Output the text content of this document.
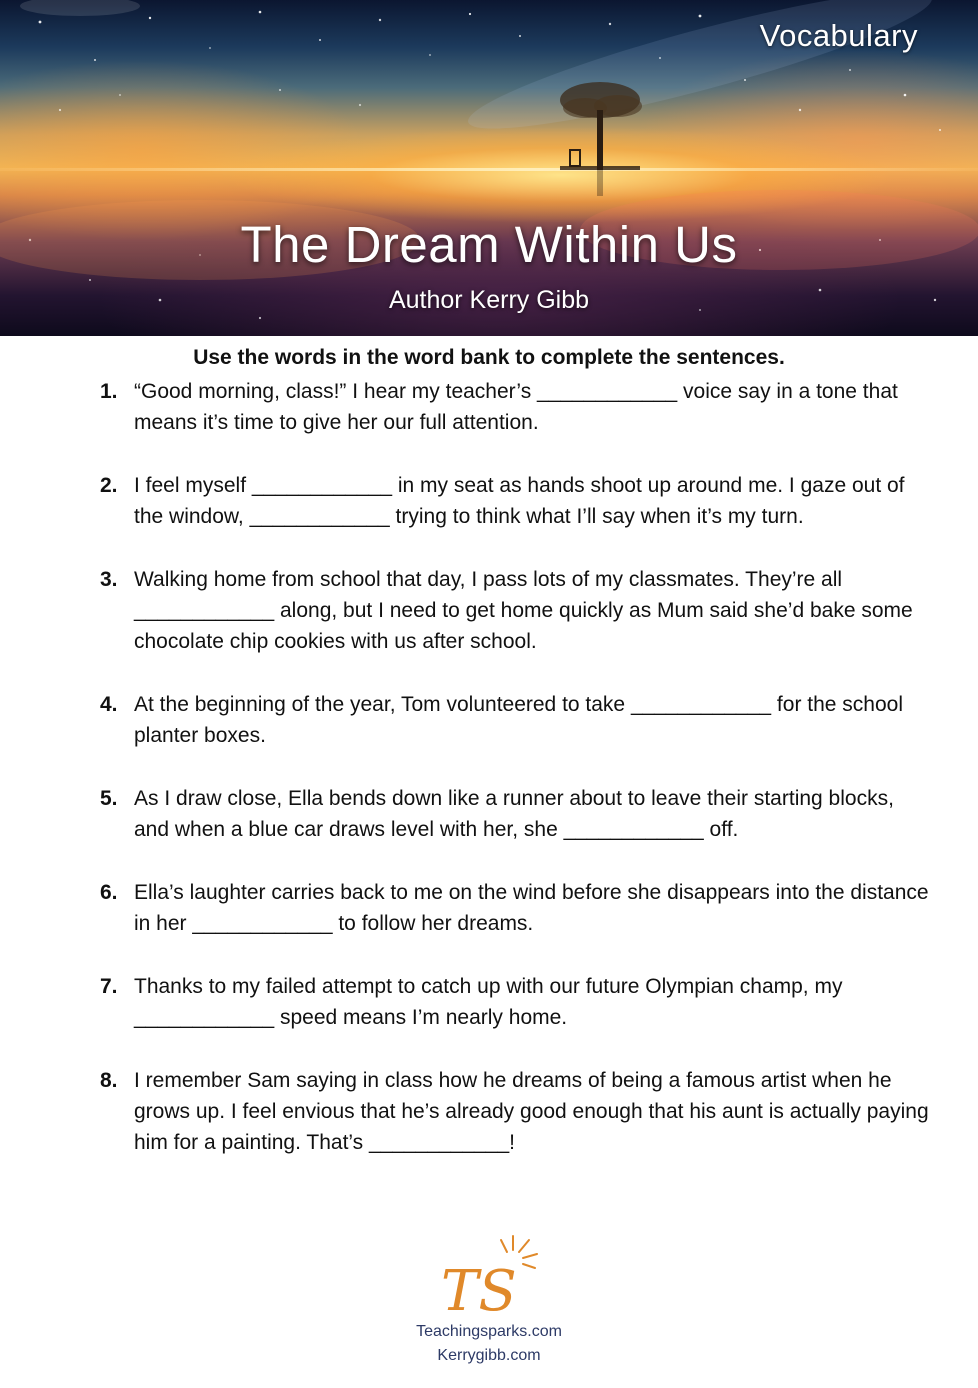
Vocabulary
The Dream Within Us
Author Kerry Gibb
Use the words in the word bank to complete the sentences.
1. “Good morning, class!” I hear my teacher’s ____________ voice say in a tone that means it’s time to give her our full attention.
2. I feel myself ____________ in my seat as hands shoot up around me. I gaze out of the window, ____________ trying to think what I’ll say when it’s my turn.
3. Walking home from school that day, I pass lots of my classmates. They’re all ____________ along, but I need to get home quickly as Mum said she’d bake some chocolate chip cookies with us after school.
4. At the beginning of the year, Tom volunteered to take ____________ for the school planter boxes.
5. As I draw close, Ella bends down like a runner about to leave their starting blocks, and when a blue car draws level with her, she ____________ off.
6. Ella’s laughter carries back to me on the wind before she disappears into the distance in her ____________ to follow her dreams.
7. Thanks to my failed attempt to catch up with our future Olympian champ, my ____________ speed means I’m nearly home.
8. I remember Sam saying in class how he dreams of being a famous artist when he grows up. I feel envious that he’s already good enough that his aunt is actually paying him for a painting. That’s ____________!
TS
Teachingsparks.com
Kerrygibb.com
